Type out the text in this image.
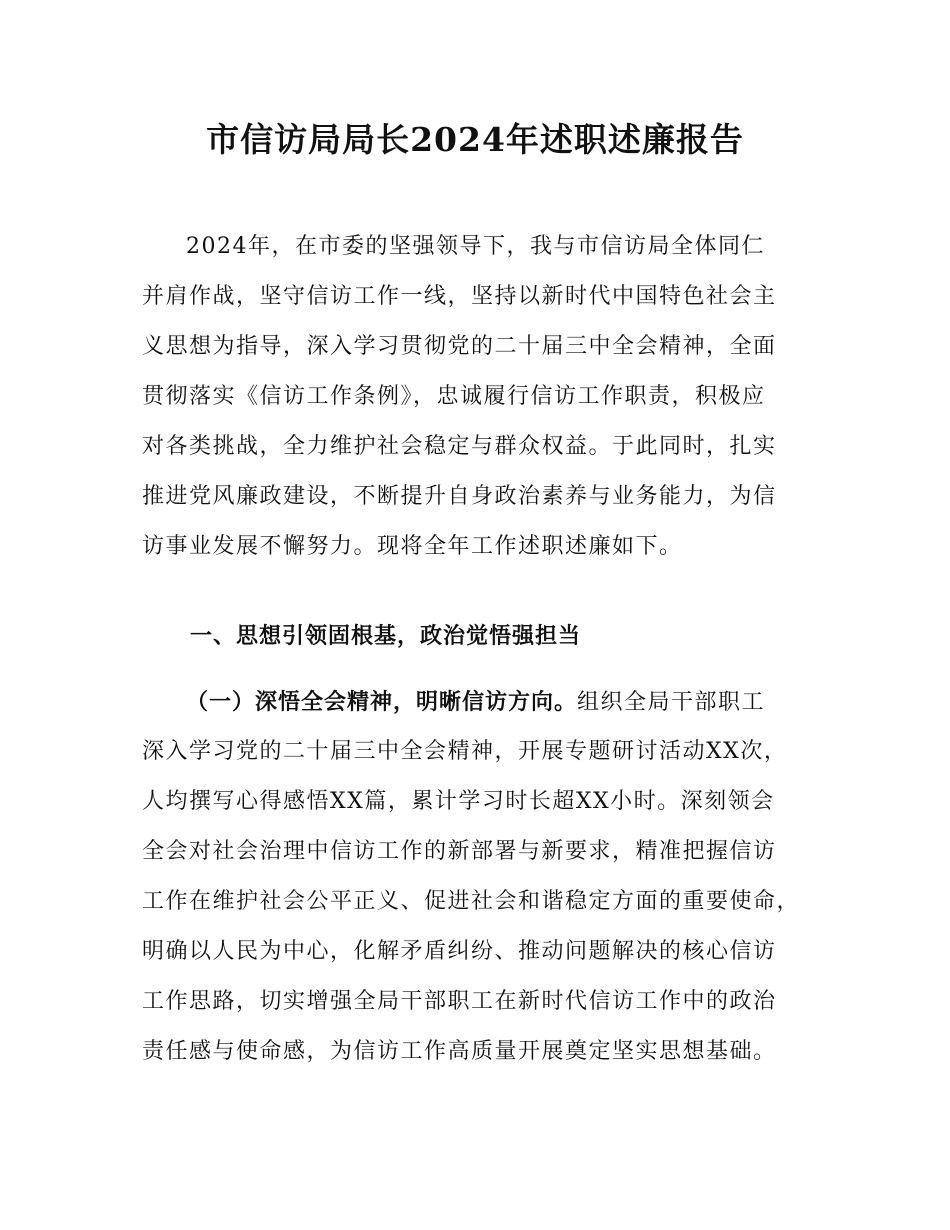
市信访局局长2024年述职述廉报告
2024年，在市委的坚强领导下，我与市信访局全体同仁
并肩作战，坚守信访工作一线，坚持以新时代中国特色社会主
义思想为指导，深入学习贯彻党的二十届三中全会精神，全面
贯彻落实《信访工作条例》，忠诚履行信访工作职责，积极应
对各类挑战，全力维护社会稳定与群众权益。于此同时，扎实
推进党风廉政建设，不断提升自身政治素养与业务能力，为信
访事业发展不懈努力。现将全年工作述职述廉如下。
一、思想引领固根基，政治觉悟强担当
（一）深悟全会精神，明晰信访方向。组织全局干部职工
深入学习党的二十届三中全会精神，开展专题研讨活动XX次，
人均撰写心得感悟XX篇，累计学习时长超XX小时。深刻领会
全会对社会治理中信访工作的新部署与新要求，精准把握信访
工作在维护社会公平正义、促进社会和谐稳定方面的重要使命，
明确以人民为中心，化解矛盾纠纷、推动问题解决的核心信访
工作思路，切实增强全局干部职工在新时代信访工作中的政治
责任感与使命感，为信访工作高质量开展奠定坚实思想基础。
